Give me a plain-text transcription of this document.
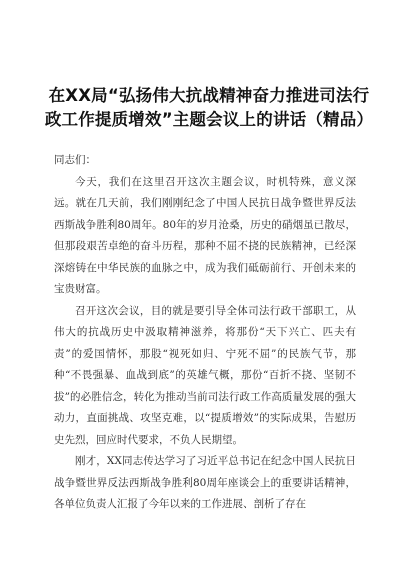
在XX局“弘扬伟大抗战精神奋力推进司法行政工作提质增效”主题会议上的讲话（精品）

同志们：

今天，我们在这里召开这次主题会议，时机特殊，意义深远。就在几天前，我们刚刚纪念了中国人民抗日战争暨世界反法西斯战争胜利80周年。80年的岁月沧桑，历史的硝烟虽已散尽，但那段艰苦卓绝的奋斗历程，那种不屈不挠的民族精神，已经深深熔铸在中华民族的血脉之中，成为我们砥砺前行、开创未来的宝贵财富。

召开这次会议，目的就是要引导全体司法行政干部职工，从伟大的抗战历史中汲取精神滋养，将那份“天下兴亡、匹夫有责”的爱国情怀，那股“视死如归、宁死不屈”的民族气节，那种“不畏强暴、血战到底”的英雄气概，那份“百折不挠、坚韧不拔”的必胜信念，转化为推动当前司法行政工作高质量发展的强大动力，直面挑战、攻坚克难，以“提质增效”的实际成果，告慰历史先烈，回应时代要求，不负人民期望。

刚才，XX同志传达学习了习近平总书记在纪念中国人民抗日战争暨世界反法西斯战争胜利80周年座谈会上的重要讲话精神，各单位负责人汇报了今年以来的工作进展、剖析了存在
